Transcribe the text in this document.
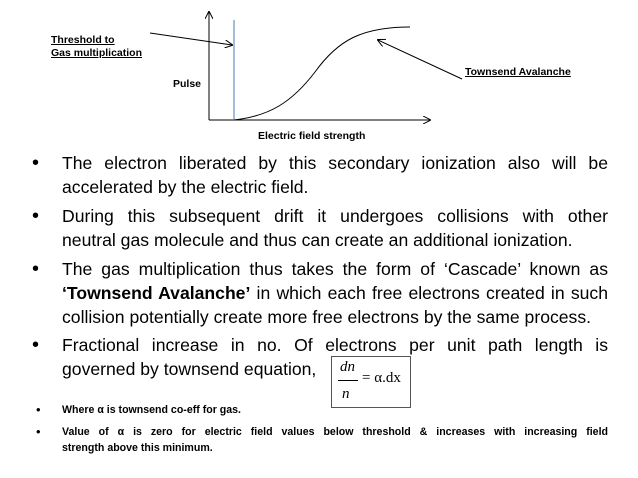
Threshold to
Gas multiplication
Pulse
Electric field strength
Townsend Avalanche
• The electron liberated by this secondary ionization also will be
accelerated by the electric field.
• During this subsequent drift it undergoes collisions with other
neutral gas molecule and thus can create an additional ionization.
• The gas multiplication thus takes the form of ‘Cascade’ known as
‘Townsend Avalanche’ in which each free electrons created in such
collision potentially create more free electrons by the same process.
• Fractional increase in no. Of electrons per unit path length is
governed by townsend equation,	dn
n
= α.dx
• Where α is townsend co-eff for gas.
• Value of α is zero for electric field values below threshold & increases with increasing field
strength above this minimum.
